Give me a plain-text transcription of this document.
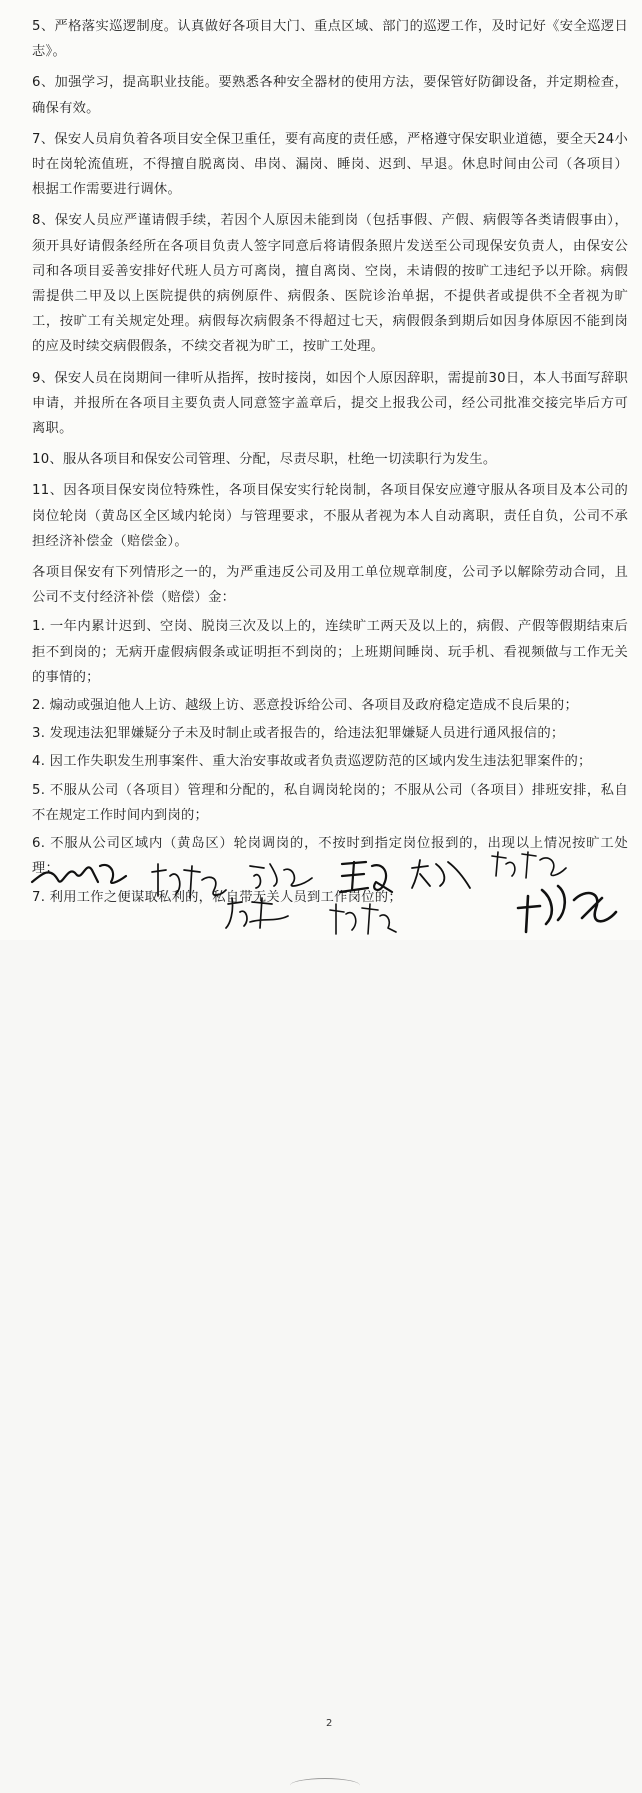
5、严格落实巡逻制度。认真做好各项目大门、重点区域、部门的巡逻工作，及时记好《安全巡逻日志》。

6、加强学习，提高职业技能。要熟悉各种安全器材的使用方法，要保管好防御设备，并定期检查，确保有效。

7、保安人员肩负着各项目安全保卫重任，要有高度的责任感，严格遵守保安职业道德，要全天24小时在岗轮流值班，不得擅自脱离岗、串岗、漏岗、睡岗、迟到、早退。休息时间由公司（各项目）根据工作需要进行调休。

8、保安人员应严谨请假手续，若因个人原因未能到岗（包括事假、产假、病假等各类请假事由），须开具好请假条经所在各项目负责人签字同意后将请假条照片发送至公司现保安负责人，由保安公司和各项目妥善安排好代班人员方可离岗，擅自离岗、空岗，未请假的按旷工违纪予以开除。病假需提供二甲及以上医院提供的病例原件、病假条、医院诊治单据，不提供者或提供不全者视为旷工，按旷工有关规定处理。病假每次病假条不得超过七天，病假假条到期后如因身体原因不能到岗的应及时续交病假假条，不续交者视为旷工，按旷工处理。

9、保安人员在岗期间一律听从指挥，按时接岗，如因个人原因辞职，需提前30日，本人书面写辞职申请，并报所在各项目主要负责人同意签字盖章后，提交上报我公司，经公司批准交接完毕后方可离职。

10、服从各项目和保安公司管理、分配，尽责尽职，杜绝一切渎职行为发生。

11、因各项目保安岗位特殊性，各项目保安实行轮岗制，各项目保安应遵守服从各项目及本公司的岗位轮岗（黄岛区全区域内轮岗）与管理要求，不服从者视为本人自动离职，责任自负，公司不承担经济补偿金（赔偿金）。

各项目保安有下列情形之一的，为严重违反公司及用工单位规章制度，公司予以解除劳动合同，且公司不支付经济补偿（赔偿）金：

1. 一年内累计迟到、空岗、脱岗三次及以上的，连续旷工两天及以上的，病假、产假等假期结束后拒不到岗的；无病开虚假病假条或证明拒不到岗的；上班期间睡岗、玩手机、看视频做与工作无关的事情的；

2. 煽动或强迫他人上访、越级上访、恶意投诉给公司、各项目及政府稳定造成不良后果的；

3. 发现违法犯罪嫌疑分子未及时制止或者报告的，给违法犯罪嫌疑人员进行通风报信的；

4. 因工作失职发生刑事案件、重大治安事故或者负责巡逻防范的区域内发生违法犯罪案件的；

5. 不服从公司（各项目）管理和分配的，私自调岗轮岗的；不服从公司（各项目）排班安排，私自不在规定工作时间内到岗的；

6. 不服从公司区域内（黄岛区）轮岗调岗的，不按时到指定岗位报到的，出现以上情况按旷工处理；

7. 利用工作之便谋取私利的，私自带无关人员到工作岗位的；

2
